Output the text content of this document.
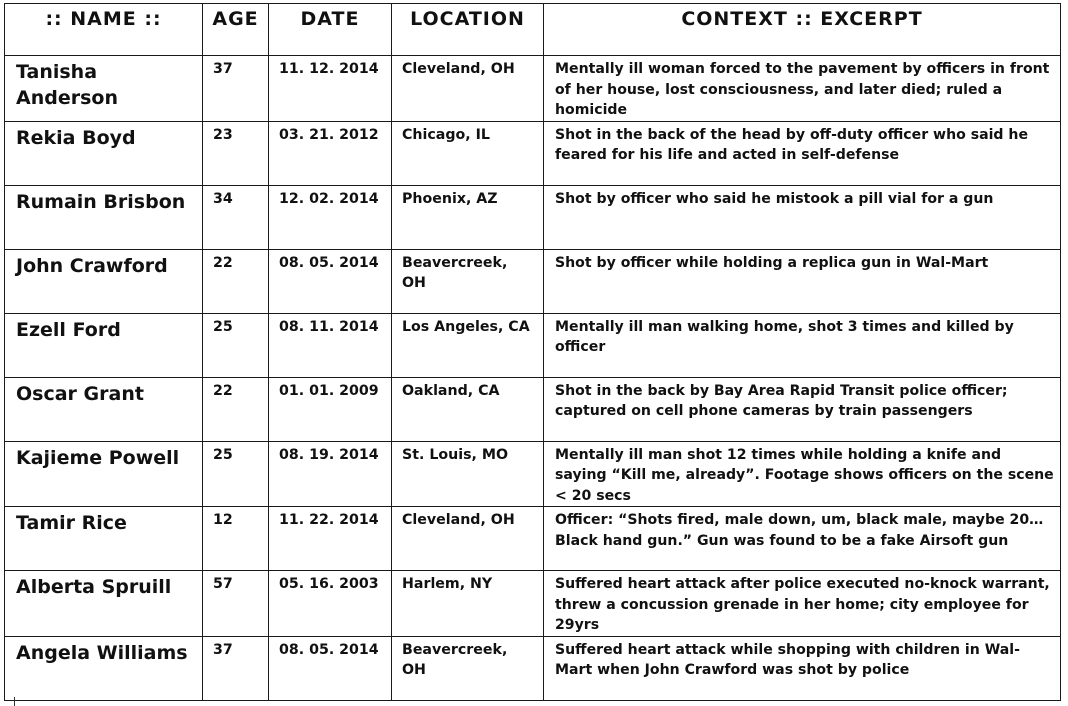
:: NAME ::	AGE	DATE	LOCATION	CONTEXT :: EXCERPT
Tanisha Anderson	37	11. 12. 2014	Cleveland, OH	Mentally ill woman forced to the pavement by officers in front of her house, lost consciousness, and later died; ruled a homicide
Rekia Boyd	23	03. 21. 2012	Chicago, IL	Shot in the back of the head by off-duty officer who said he feared for his life and acted in self-defense
Rumain Brisbon	34	12. 02. 2014	Phoenix, AZ	Shot by officer who said he mistook a pill vial for a gun
John Crawford	22	08. 05. 2014	Beavercreek, OH	Shot by officer while holding a replica gun in Wal-Mart
Ezell Ford	25	08. 11. 2014	Los Angeles, CA	Mentally ill man walking home, shot 3 times and killed by officer
Oscar Grant	22	01. 01. 2009	Oakland, CA	Shot in the back by Bay Area Rapid Transit police officer; captured on cell phone cameras by train passengers
Kajieme Powell	25	08. 19. 2014	St. Louis, MO	Mentally ill man shot 12 times while holding a knife and saying “Kill me, already”. Footage shows officers on the scene < 20 secs
Tamir Rice	12	11. 22. 2014	Cleveland, OH	Officer: “Shots fired, male down, um, black male, maybe 20…Black hand gun.” Gun was found to be a fake Airsoft gun
Alberta Spruill	57	05. 16. 2003	Harlem, NY	Suffered heart attack after police executed no-knock warrant, threw a concussion grenade in her home; city employee for 29yrs
Angela Williams	37	08. 05. 2014	Beavercreek, OH	Suffered heart attack while shopping with children in Wal-Mart when John Crawford was shot by police
